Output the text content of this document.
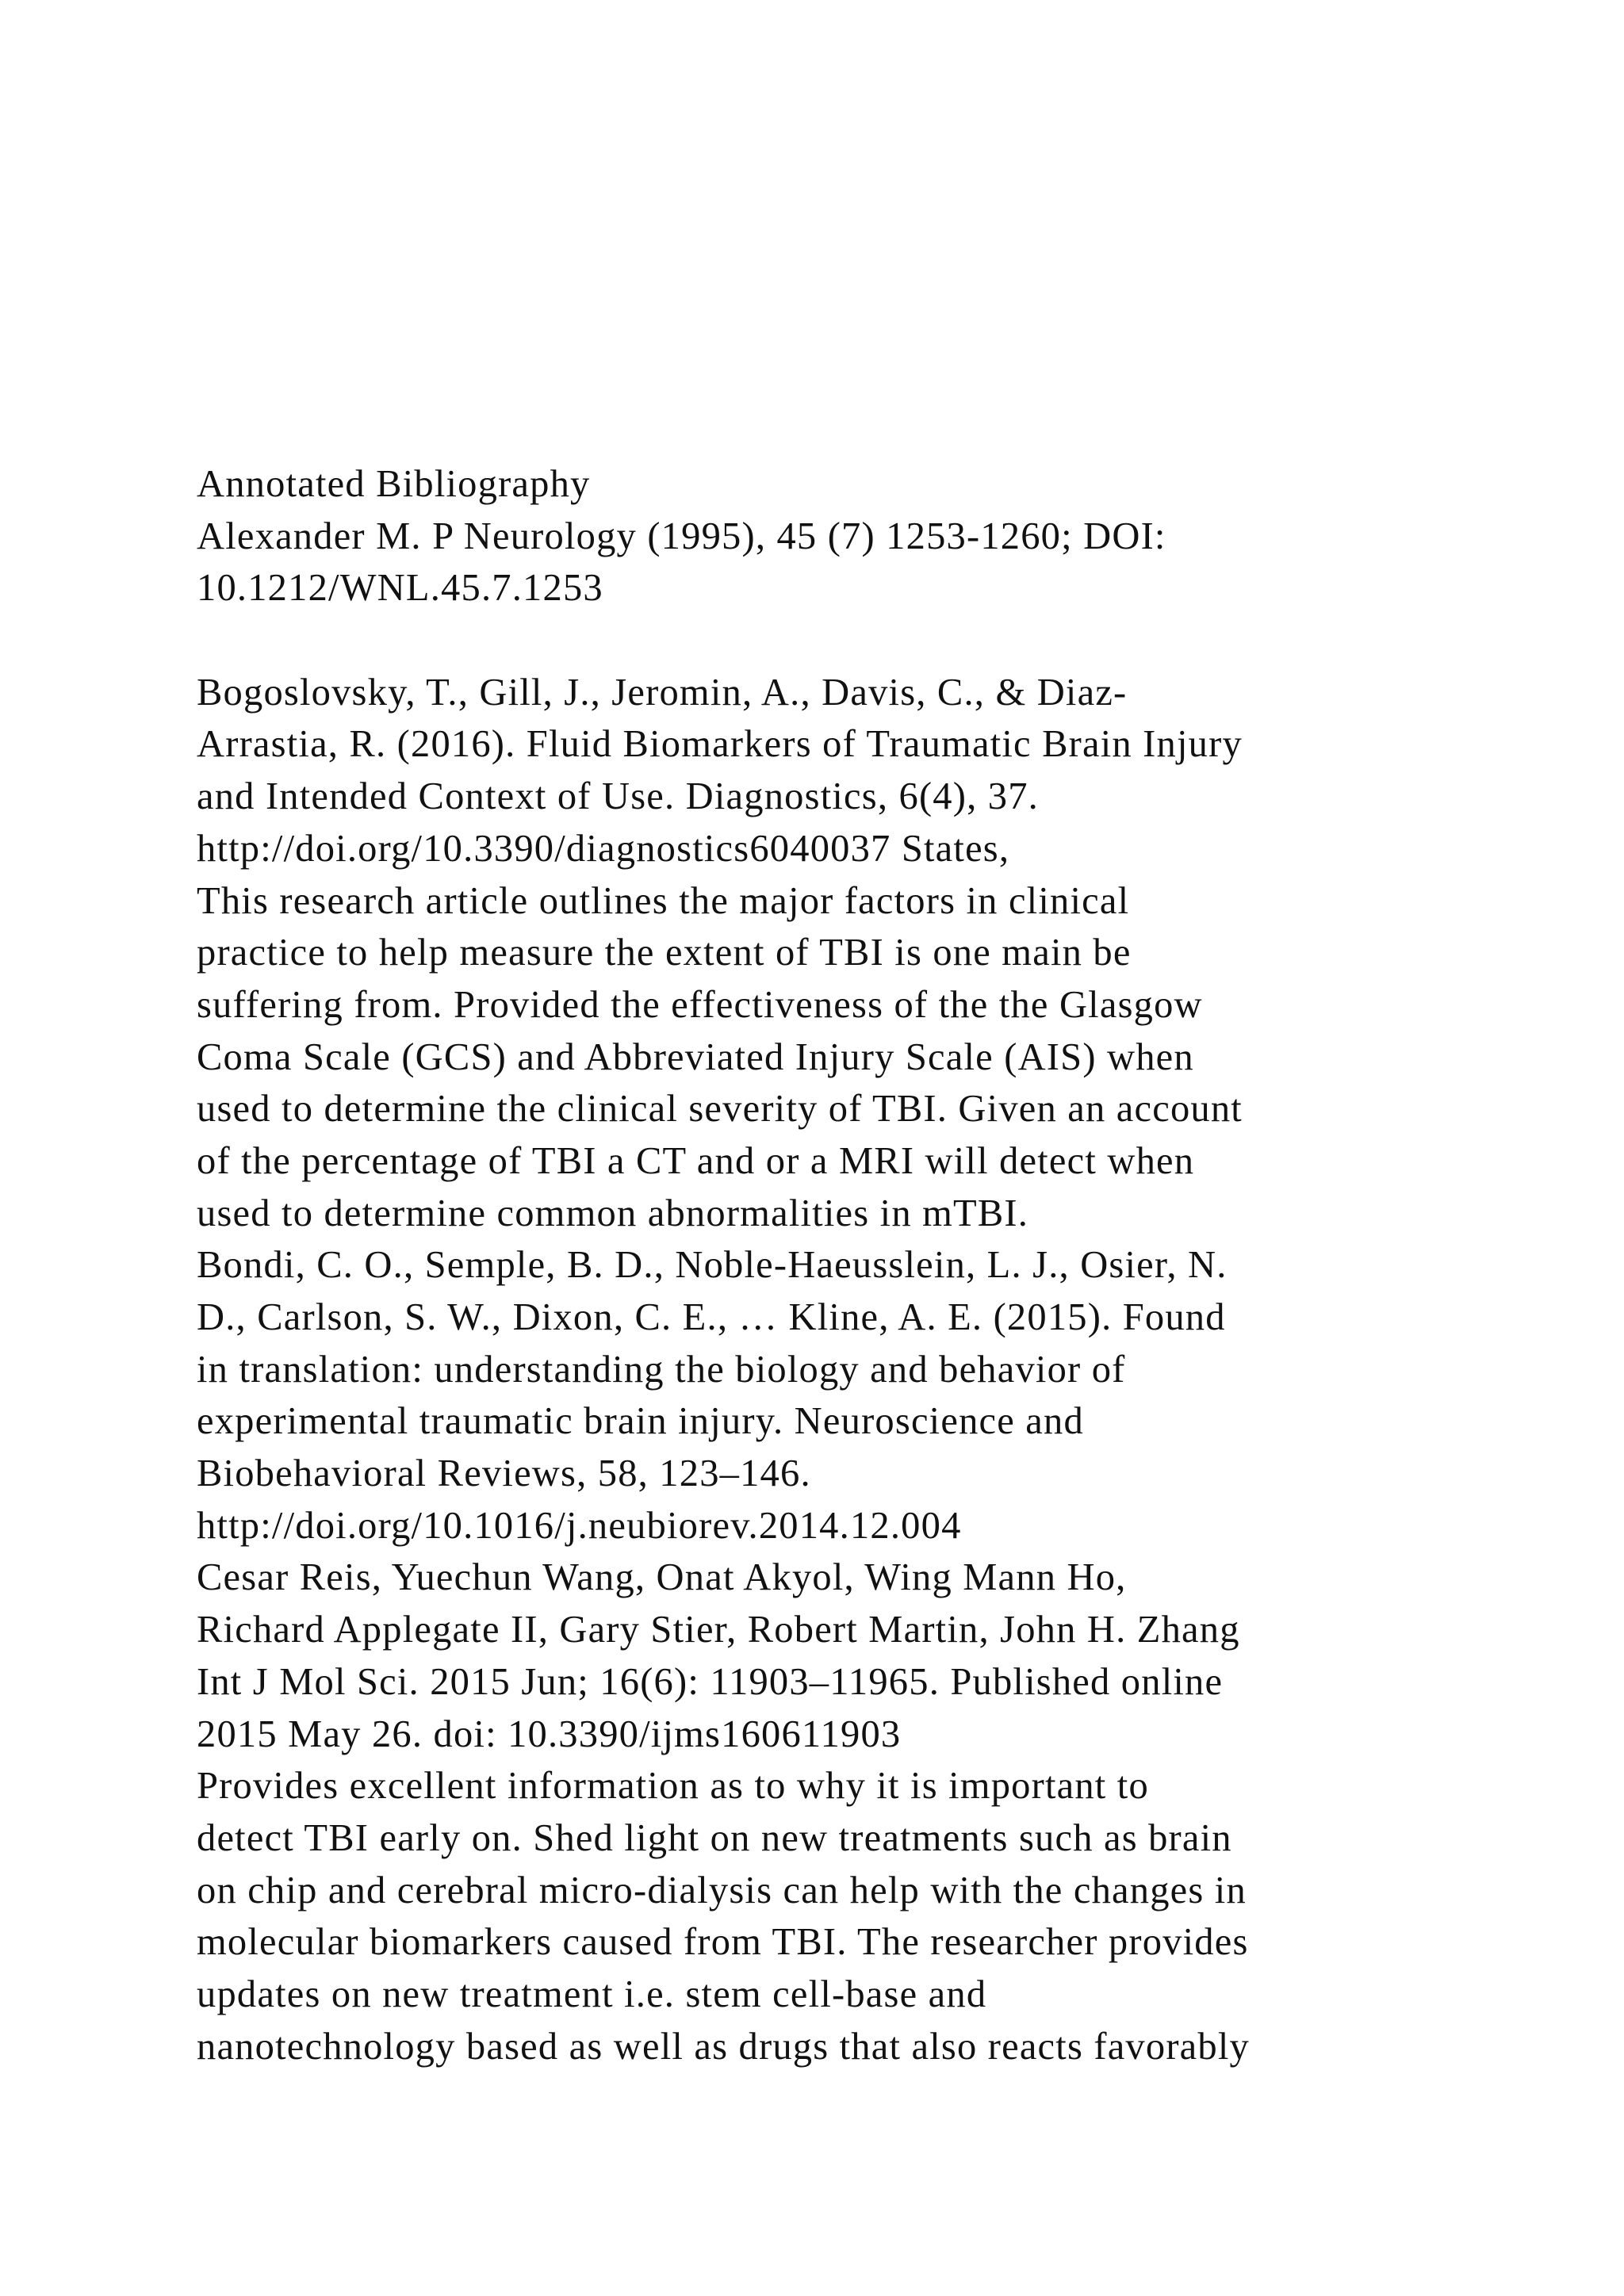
Annotated Bibliography
Alexander M. P Neurology (1995), 45 (7) 1253-1260; DOI:
10.1212/WNL.45.7.1253
Bogoslovsky, T., Gill, J., Jeromin, A., Davis, C., & Diaz-
Arrastia, R. (2016). Fluid Biomarkers of Traumatic Brain Injury
and Intended Context of Use. Diagnostics, 6(4), 37.
http://doi.org/10.3390/diagnostics6040037 States,
This research article outlines the major factors in clinical
practice to help measure the extent of TBI is one main be
suffering from. Provided the effectiveness of the the Glasgow
Coma Scale (GCS) and Abbreviated Injury Scale (AIS) when
used to determine the clinical severity of TBI. Given an account
of the percentage of TBI a CT and or a MRI will detect when
used to determine common abnormalities in mTBI.
Bondi, C. O., Semple, B. D., Noble-Haeusslein, L. J., Osier, N.
D., Carlson, S. W., Dixon, C. E., … Kline, A. E. (2015). Found
in translation: understanding the biology and behavior of
experimental traumatic brain injury. Neuroscience and
Biobehavioral Reviews, 58, 123–146.
http://doi.org/10.1016/j.neubiorev.2014.12.004
Cesar Reis, Yuechun Wang, Onat Akyol, Wing Mann Ho,
Richard Applegate II, Gary Stier, Robert Martin, John H. Zhang
Int J Mol Sci. 2015 Jun; 16(6): 11903–11965. Published online
2015 May 26. doi: 10.3390/ijms160611903
Provides excellent information as to why it is important to
detect TBI early on. Shed light on new treatments such as brain
on chip and cerebral micro-dialysis can help with the changes in
molecular biomarkers caused from TBI. The researcher provides
updates on new treatment i.e. stem cell-base and
nanotechnology based as well as drugs that also reacts favorably
